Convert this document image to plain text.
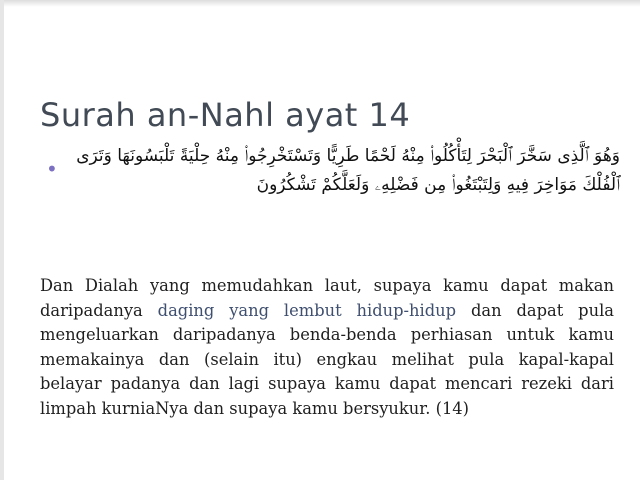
Surah an-Nahl ayat 14
•
وَهُوَ ٱلَّذِى سَخَّرَ ٱلْبَحْرَ لِتَأْكُلُوا۟ مِنْهُ لَحْمًا طَرِيًّا وَتَسْتَخْرِجُوا۟ مِنْهُ حِلْيَةً تَلْبَسُونَهَا وَتَرَى ٱلْفُلْكَ مَوَاخِرَ فِيهِ وَلِتَبْتَغُوا۟ مِن فَضْلِهِۦ وَلَعَلَّكُمْ تَشْكُرُونَ
Dan Dialah yang memudahkan laut, supaya kamu dapat makan daripadanya daging yang lembut hidup-hidup dan dapat pula mengeluarkan daripadanya benda-benda perhiasan untuk kamu memakainya dan (selain itu) engkau melihat pula kapal-kapal belayar padanya dan lagi supaya kamu dapat mencari rezeki dari limpah kurniaNya dan supaya kamu bersyukur. (14)
